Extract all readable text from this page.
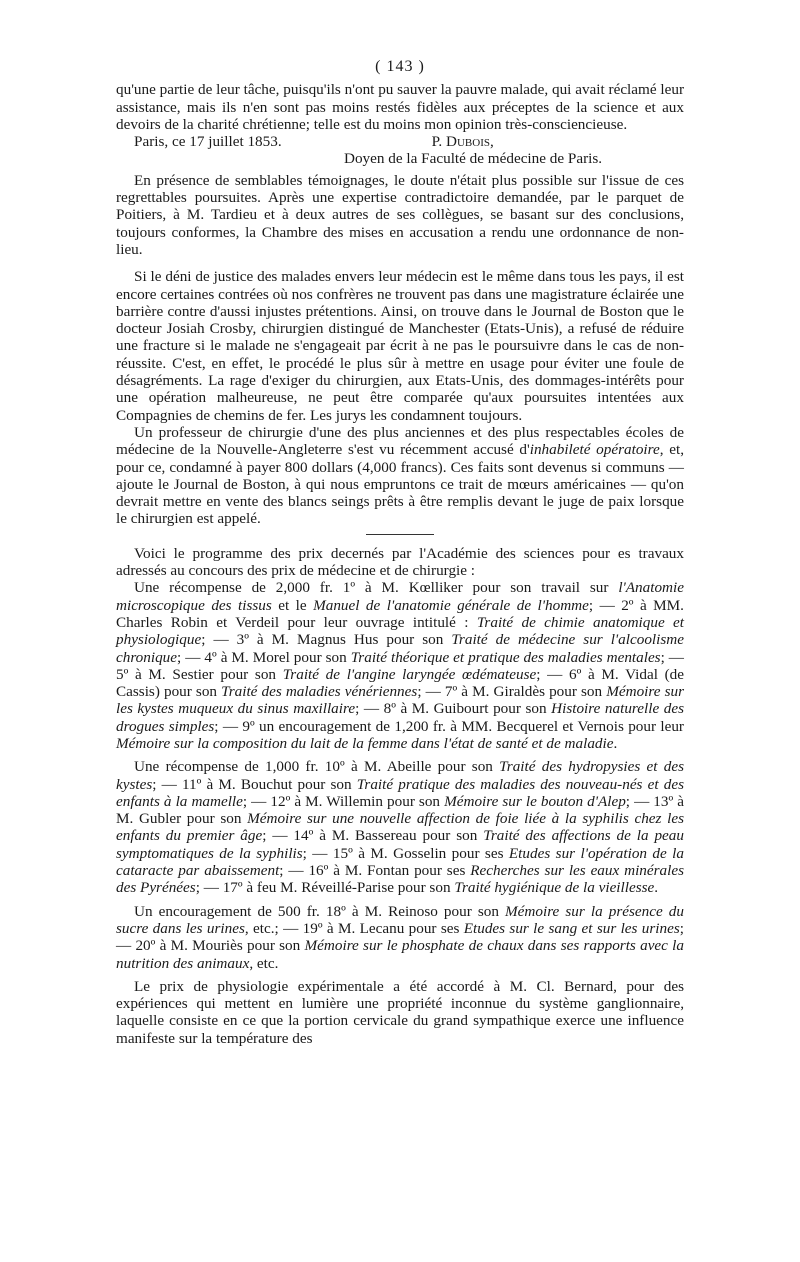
( 143 )

qu'une partie de leur tâche, puisqu'ils n'ont pu sauver la pauvre malade, qui avait réclamé leur assistance, mais ils n'en sont pas moins restés fidèles aux préceptes de la science et aux devoirs de la charité chrétienne; telle est du moins mon opinion très-consciencieuse.

Paris, ce 17 juillet 1853.	P. Dubois,

Doyen de la Faculté de médecine de Paris.

En présence de semblables témoignages, le doute n'était plus possible sur l'issue de ces regrettables poursuites. Après une expertise contradictoire demandée, par le parquet de Poitiers, à M. Tardieu et à deux autres de ses collègues, se basant sur des conclusions, toujours conformes, la Chambre des mises en accusation a rendu une ordonnance de non-lieu.

Si le déni de justice des malades envers leur médecin est le même dans tous les pays, il est encore certaines contrées où nos confrères ne trouvent pas dans une magistrature éclairée une barrière contre d'aussi injustes prétentions. Ainsi, on trouve dans le Journal de Boston que le docteur Josiah Crosby, chirurgien distingué de Manchester (Etats-Unis), a refusé de réduire une fracture si le malade ne s'engageait par écrit à ne pas le poursuivre dans le cas de non-réussite. C'est, en effet, le procédé le plus sûr à mettre en usage pour éviter une foule de désagréments. La rage d'exiger du chirurgien, aux Etats-Unis, des dommages-intérêts pour une opération malheureuse, ne peut être comparée qu'aux poursuites intentées aux Compagnies de chemins de fer. Les jurys les condamnent toujours.

Un professeur de chirurgie d'une des plus anciennes et des plus respectables écoles de médecine de la Nouvelle-Angleterre s'est vu récemment accusé d'inhabileté opératoire, et, pour ce, condamné à payer 800 dollars (4,000 francs). Ces faits sont devenus si communs — ajoute le Journal de Boston, à qui nous empruntons ce trait de mœurs américaines — qu'on devrait mettre en vente des blancs seings prêts à être remplis devant le juge de paix lorsque le chirurgien est appelé.

Voici le programme des prix decernés par l'Académie des sciences pour es travaux adressés au concours des prix de médecine et de chirurgie :

Une récompense de 2,000 fr. 1º à M. Kœlliker pour son travail sur l'Anatomie microscopique des tissus et le Manuel de l'anatomie générale de l'homme; — 2º à MM. Charles Robin et Verdeil pour leur ouvrage intitulé : Traité de chimie anatomique et physiologique; — 3º à M. Magnus Hus pour son Traité de médecine sur l'alcoolisme chronique; — 4º à M. Morel pour son Traité théorique et pratique des maladies mentales; — 5º à M. Sestier pour son Traité de l'angine laryngée œdémateuse; — 6º à M. Vidal (de Cassis) pour son Traité des maladies vénériennes; — 7º à M. Giraldès pour son Mémoire sur les kystes muqueux du sinus maxillaire; — 8º à M. Guibourt pour son Histoire naturelle des drogues simples; — 9º un encouragement de 1,200 fr. à MM. Becquerel et Vernois pour leur Mémoire sur la composition du lait de la femme dans l'état de santé et de maladie.

Une récompense de 1,000 fr. 10º à M. Abeille pour son Traité des hydropysies et des kystes; — 11º à M. Bouchut pour son Traité pratique des maladies des nouveau-nés et des enfants à la mamelle; — 12º à M. Willemin pour son Mémoire sur le bouton d'Alep; — 13º à M. Gubler pour son Mémoire sur une nouvelle affection de foie liée à la syphilis chez les enfants du premier âge; — 14º à M. Bassereau pour son Traité des affections de la peau symptomatiques de la syphilis; — 15º à M. Gosselin pour ses Etudes sur l'opération de la cataracte par abaissement; — 16º à M. Fontan pour ses Recherches sur les eaux minérales des Pyrénées; — 17º à feu M. Réveillé-Parise pour son Traité hygiénique de la vieillesse.

Un encouragement de 500 fr. 18º à M. Reinoso pour son Mémoire sur la présence du sucre dans les urines, etc.; — 19º à M. Lecanu pour ses Etudes sur le sang et sur les urines; — 20º à M. Mouriès pour son Mémoire sur le phosphate de chaux dans ses rapports avec la nutrition des animaux, etc.

Le prix de physiologie expérimentale a été accordé à M. Cl. Bernard, pour des expériences qui mettent en lumière une propriété inconnue du système ganglionnaire, laquelle consiste en ce que la portion cervicale du grand sympathique exerce une influence manifeste sur la température des
